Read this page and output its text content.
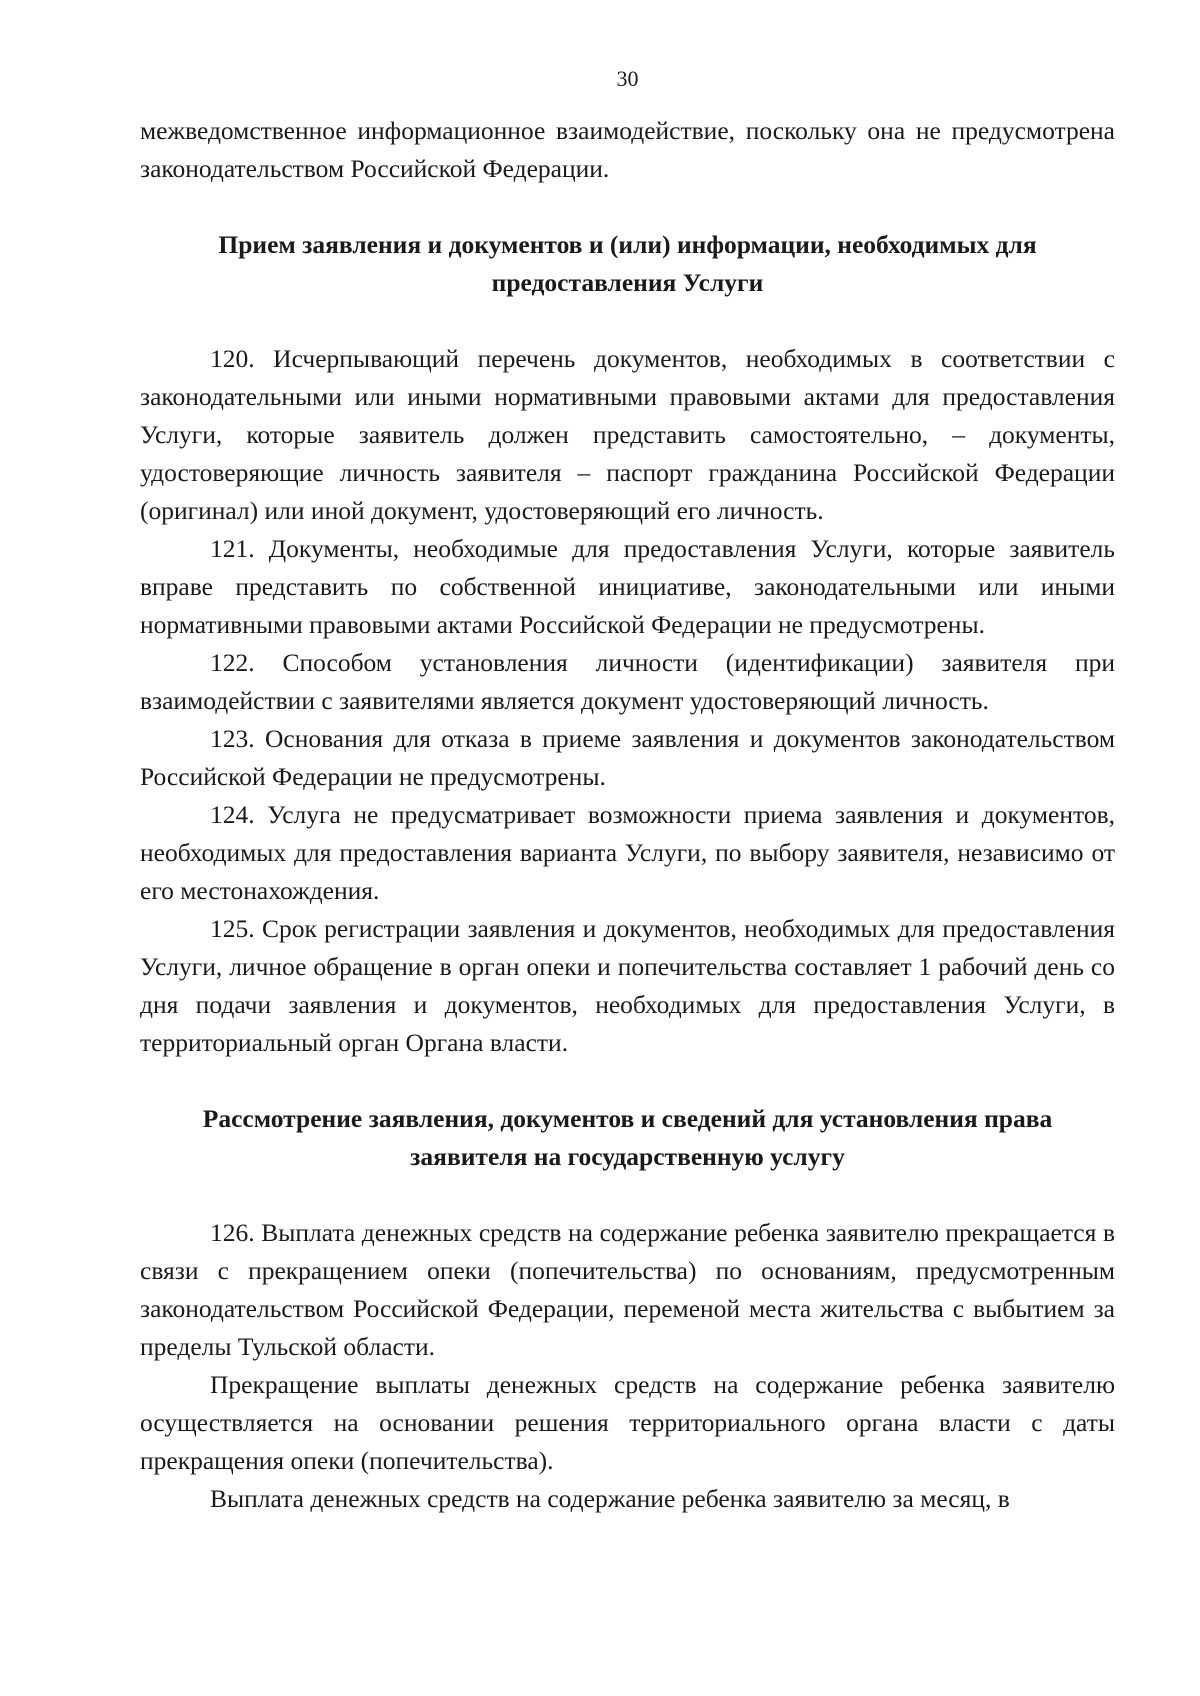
30

межведомственное информационное взаимодействие, поскольку она не предусмотрена законодательством Российской Федерации.

Прием заявления и документов и (или) информации, необходимых для предоставления Услуги

120. Исчерпывающий перечень документов, необходимых в соответствии с законодательными или иными нормативными правовыми актами для предоставления Услуги, которые заявитель должен представить самостоятельно, – документы, удостоверяющие личность заявителя – паспорт гражданина Российской Федерации (оригинал) или иной документ, удостоверяющий его личность.

121. Документы, необходимые для предоставления Услуги, которые заявитель вправе представить по собственной инициативе, законодательными или иными нормативными правовыми актами Российской Федерации не предусмотрены.

122. Способом установления личности (идентификации) заявителя при взаимодействии с заявителями является документ удостоверяющий личность.

123. Основания для отказа в приеме заявления и документов законодательством Российской Федерации не предусмотрены.

124. Услуга не предусматривает возможности приема заявления и документов, необходимых для предоставления варианта Услуги, по выбору заявителя, независимо от его местонахождения.

125. Срок регистрации заявления и документов, необходимых для предоставления Услуги, личное обращение в орган опеки и попечительства составляет 1 рабочий день со дня подачи заявления и документов, необходимых для предоставления Услуги, в территориальный орган Органа власти.

Рассмотрение заявления, документов и сведений для установления права заявителя на государственную услугу

126. Выплата денежных средств на содержание ребенка заявителю прекращается в связи с прекращением опеки (попечительства) по основаниям, предусмотренным законодательством Российской Федерации, переменой места жительства с выбытием за пределы Тульской области.

Прекращение выплаты денежных средств на содержание ребенка заявителю осуществляется на основании решения территориального органа власти с даты прекращения опеки (попечительства).

Выплата денежных средств на содержание ребенка заявителю за месяц, в
